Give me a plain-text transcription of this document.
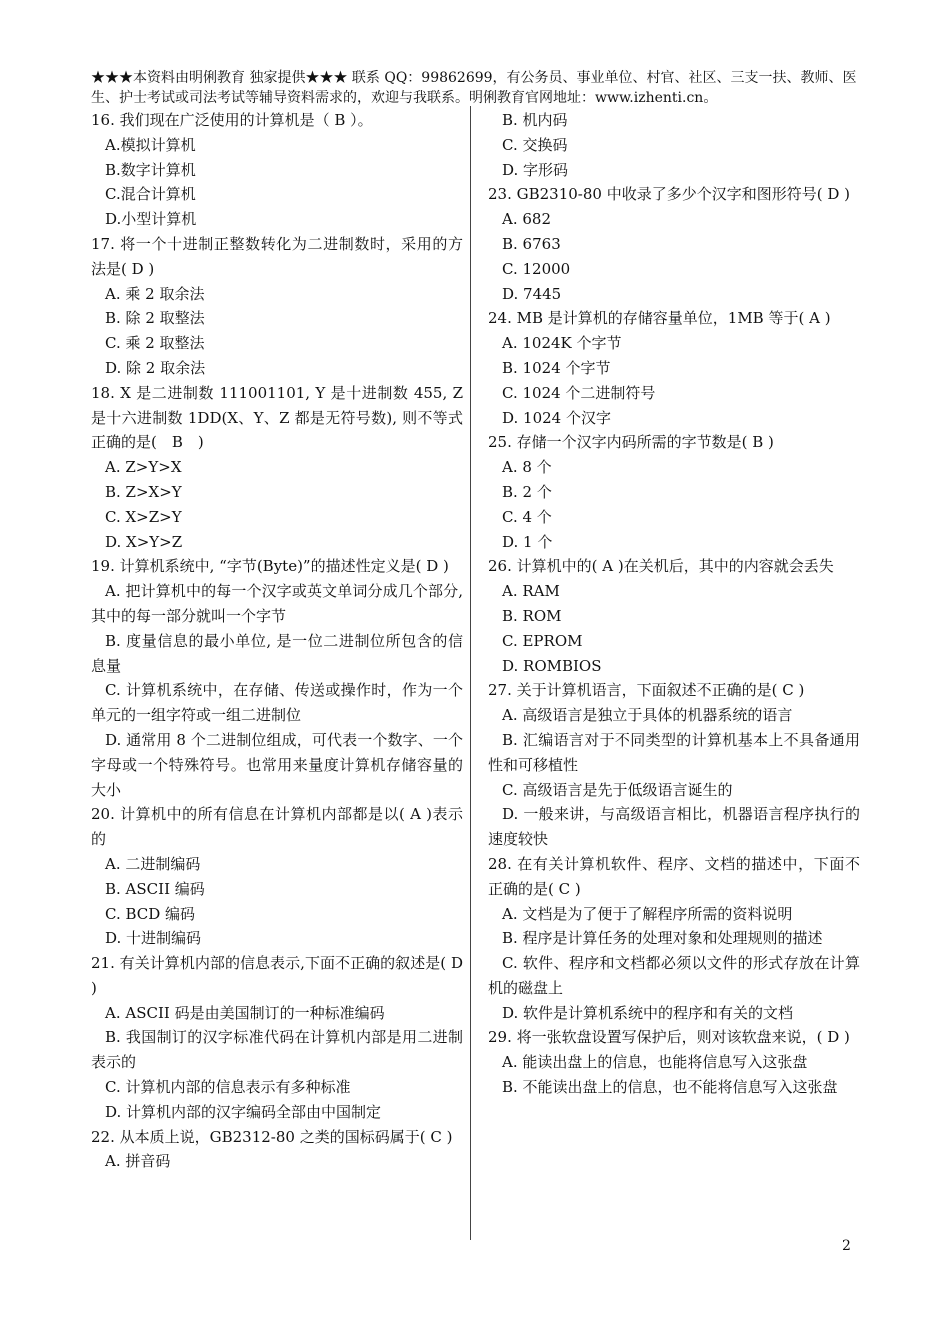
★★★本资料由明俐教育 独家提供★★★ 联系 QQ：99862699，有公务员、事业单位、村官、社区、三支一扶、教师、医
生、护士考试或司法考试等辅导资料需求的，欢迎与我联系。明俐教育官网地址：www.izhenti.cn。
16. 我们现在广泛使用的计算机是（ B ）。
A.模拟计算机
B.数字计算机
C.混合计算机
D.小型计算机
17. 将一个十进制正整数转化为二进制数时，采用的方法是( D )
A. 乘 2 取余法
B. 除 2 取整法
C. 乘 2 取整法
D. 除 2 取余法
18. X 是二进制数 111001101, Y 是十进制数 455, Z 是十六进制数 1DD(X、Y、Z 都是无符号数), 则不等式正确的是(　B　)
A. Z>Y>X
B. Z>X>Y
C. X>Z>Y
D. X>Y>Z
19. 计算机系统中, “字节(Byte)”的描述性定义是( D )
A. 把计算机中的每一个汉字或英文单词分成几个部分, 其中的每一部分就叫一个字节
B. 度量信息的最小单位, 是一位二进制位所包含的信息量
C. 计算机系统中，在存储、传送或操作时，作为一个单元的一组字符或一组二进制位
D. 通常用 8 个二进制位组成，可代表一个数字、一个字母或一个特殊符号。也常用来量度计算机存储容量的大小
20. 计算机中的所有信息在计算机内部都是以( A )表示的
A. 二进制编码
B. ASCII 编码
C. BCD 编码
D. 十进制编码
21. 有关计算机内部的信息表示,下面不正确的叙述是( D )
A. ASCII 码是由美国制订的一种标准编码
B. 我国制订的汉字标准代码在计算机内部是用二进制表示的
C. 计算机内部的信息表示有多种标准
D. 计算机内部的汉字编码全部由中国制定
22. 从本质上说，GB2312-80 之类的国标码属于( C )
A. 拼音码
B. 机内码
C. 交换码
D. 字形码
23. GB2310-80 中收录了多少个汉字和图形符号( D )
A. 682
B. 6763
C. 12000
D. 7445
24. MB 是计算机的存储容量单位，1MB 等于( A )
A. 1024K 个字节
B. 1024 个字节
C. 1024 个二进制符号
D. 1024 个汉字
25. 存储一个汉字内码所需的字节数是( B )
A. 8 个
B. 2 个
C. 4 个
D. 1 个
26. 计算机中的( A )在关机后，其中的内容就会丢失
A. RAM
B. ROM
C. EPROM
D. ROMBIOS
27. 关于计算机语言，下面叙述不正确的是( C )
A. 高级语言是独立于具体的机器系统的语言
B. 汇编语言对于不同类型的计算机基本上不具备通用性和可移植性
C. 高级语言是先于低级语言诞生的
D. 一般来讲，与高级语言相比，机器语言程序执行的速度较快
28. 在有关计算机软件、程序、文档的描述中，下面不正确的是( C )
A. 文档是为了便于了解程序所需的资料说明
B. 程序是计算任务的处理对象和处理规则的描述
C. 软件、程序和文档都必须以文件的形式存放在计算机的磁盘上
D. 软件是计算机系统中的程序和有关的文档
29. 将一张软盘设置写保护后，则对该软盘来说，( D )
A. 能读出盘上的信息，也能将信息写入这张盘
B. 不能读出盘上的信息，也不能将信息写入这张盘
2
